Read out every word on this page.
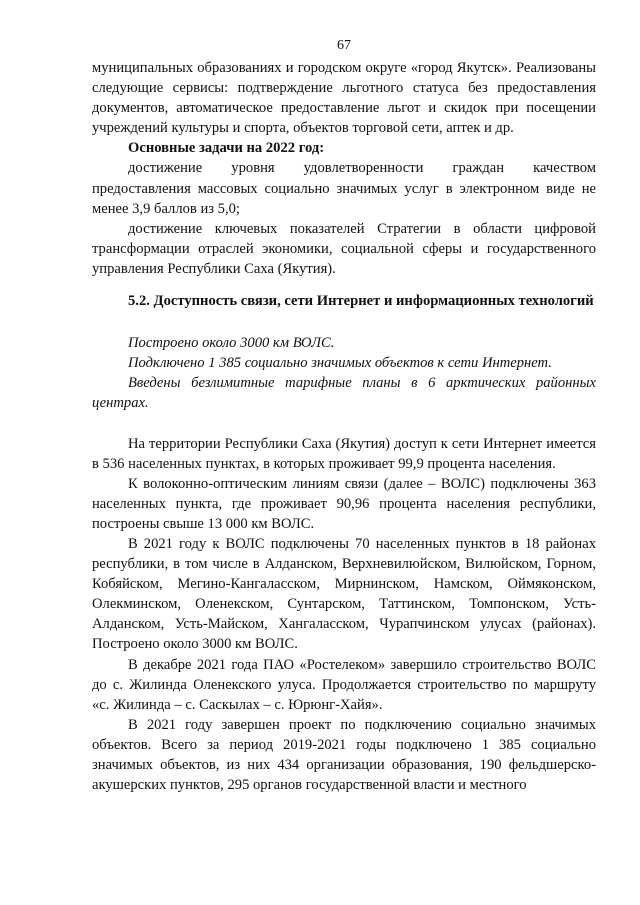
67

муниципальных образованиях и городском округе «город Якутск». Реализованы следующие сервисы: подтверждение льготного статуса без предоставления документов, автоматическое предоставление льгот и скидок при посещении учреждений культуры и спорта, объектов торговой сети, аптек и др.

Основные задачи на 2022 год:

достижение уровня удовлетворенности граждан качеством предоставления массовых социально значимых услуг в электронном виде не менее 3,9 баллов из 5,0;

достижение ключевых показателей Стратегии в области цифровой трансформации отраслей экономики, социальной сферы и государственного управления Республики Саха (Якутия).

5.2. Доступность связи, сети Интернет и информационных технологий

Построено около 3000 км ВОЛС.

Подключено 1 385 социально значимых объектов к сети Интернет.

Введены безлимитные тарифные планы в 6 арктических районных центрах.

На территории Республики Саха (Якутия) доступ к сети Интернет имеется в 536 населенных пунктах, в которых проживает 99,9 процента населения.

К волоконно-оптическим линиям связи (далее – ВОЛС) подключены 363 населенных пункта, где проживает 90,96 процента населения республики, построены свыше 13 000 км ВОЛС.

В 2021 году к ВОЛС подключены 70 населенных пунктов в 18 районах республики, в том числе в Алданском, Верхневилюйском, Вилюйском, Горном, Кобяйском, Мегино-Кангаласском, Мирнинском, Намском, Оймяконском, Олекминском, Оленекском, Сунтарском, Таттинском, Томпонском, Усть-Алданском, Усть-Майском, Хангаласском, Чурапчинском улусах (районах). Построено около 3000 км ВОЛС.

В декабре 2021 года ПАО «Ростелеком» завершило строительство ВОЛС до с. Жилинда Оленекского улуса. Продолжается строительство по маршруту «с. Жилинда – с. Саскылах – с. Юрюнг-Хайя».

В 2021 году завершен проект по подключению социально значимых объектов. Всего за период 2019-2021 годы подключено 1 385 социально значимых объектов, из них 434 организации образования, 190 фельдшерско-акушерских пунктов, 295 органов государственной власти и местного
